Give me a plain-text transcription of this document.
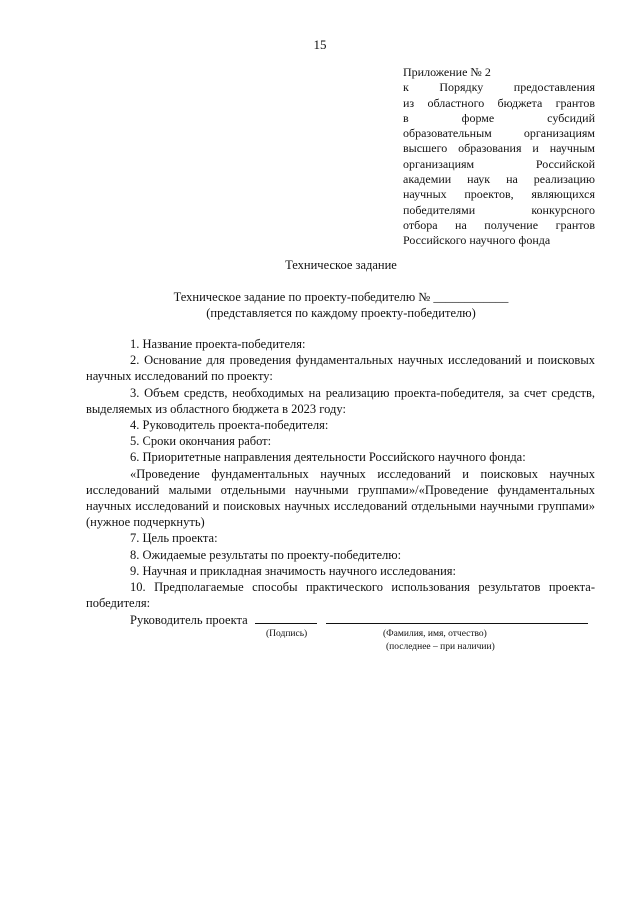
15
Приложение № 2
к Порядку предоставления
из областного бюджета грантов
в форме субсидий
образовательным организациям
высшего образования и научным
организациям Российской
академии наук на реализацию
научных проектов, являющихся
победителями конкурсного
отбора на получение грантов
Российского научного фонда
Техническое задание
Техническое задание по проекту-победителю № ____________
(представляется по каждому проекту-победителю)

1. Название проекта-победителя:

2. Основание для проведения фундаментальных научных исследований и поисковых научных исследований по проекту:

3. Объем средств, необходимых на реализацию проекта-победителя, за счет средств, выделяемых из областного бюджета в 2023 году:

4. Руководитель проекта-победителя:

5. Сроки окончания работ:

6. Приоритетные направления деятельности Российского научного фонда:

«Проведение фундаментальных научных исследований и поисковых научных исследований малыми отдельными научными группами»/«Проведение фундаментальных научных исследований и поисковых научных исследований отдельными научными группами» (нужное подчеркнуть)

7. Цель проекта:

8. Ожидаемые результаты по проекту-победителю:

9. Научная и прикладная значимость научного исследования:

10. Предполагаемые способы практического использования результатов проекта-победителя:

Руководитель проекта
(Подпись)	(Фамилия, имя, отчество)
(последнее – при наличии)
